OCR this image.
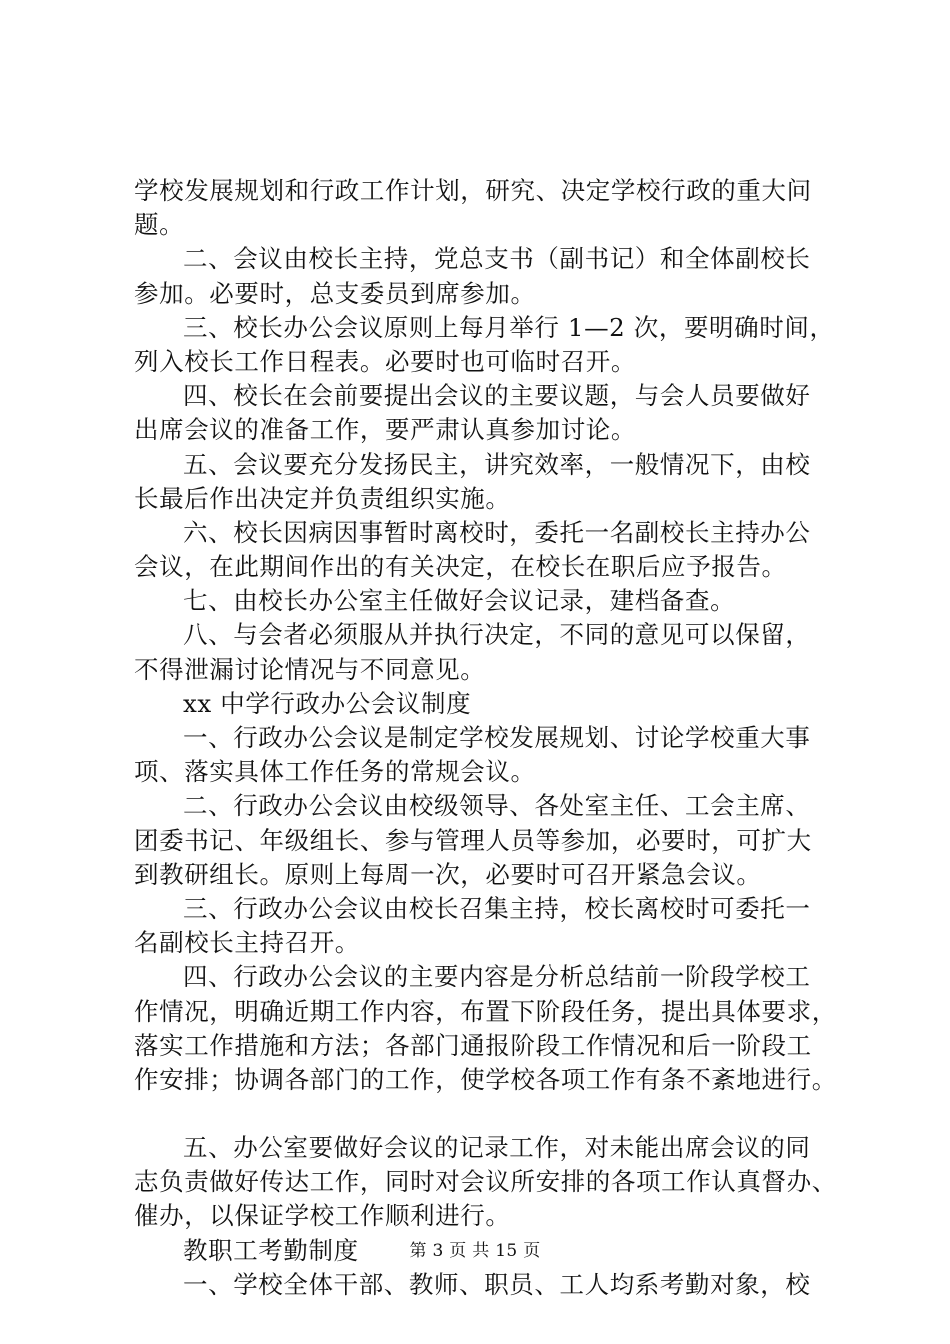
学校发展规划和行政工作计划，研究、决定学校行政的重大问
题。
二、会议由校长主持，党总支书（副书记）和全体副校长
参加。必要时，总支委员到席参加。
三、校长办公会议原则上每月举行 1—2 次，要明确时间，
列入校长工作日程表。必要时也可临时召开。
四、校长在会前要提出会议的主要议题，与会人员要做好
出席会议的准备工作，要严肃认真参加讨论。
五、会议要充分发扬民主，讲究效率，一般情况下，由校
长最后作出决定并负责组织实施。
六、校长因病因事暂时离校时，委托一名副校长主持办公
会议，在此期间作出的有关决定，在校长在职后应予报告。
七、由校长办公室主任做好会议记录，建档备查。
八、与会者必须服从并执行决定，不同的意见可以保留，
不得泄漏讨论情况与不同意见。
xx 中学行政办公会议制度
一、行政办公会议是制定学校发展规划、讨论学校重大事
项、落实具体工作任务的常规会议。
二、行政办公会议由校级领导、各处室主任、工会主席、
团委书记、年级组长、参与管理人员等参加，必要时，可扩大
到教研组长。原则上每周一次，必要时可召开紧急会议。
三、行政办公会议由校长召集主持，校长离校时可委托一
名副校长主持召开。
四、行政办公会议的主要内容是分析总结前一阶段学校工
作情况，明确近期工作内容，布置下阶段任务，提出具体要求，
落实工作措施和方法；各部门通报阶段工作情况和后一阶段工
作安排；协调各部门的工作，使学校各项工作有条不紊地进行。
五、办公室要做好会议的记录工作，对未能出席会议的同
志负责做好传达工作，同时对会议所安排的各项工作认真督办、
催办，以保证学校工作顺利进行。
教职工考勤制度
一、学校全体干部、教师、职员、工人均系考勤对象，校
第 3 页 共 15 页
